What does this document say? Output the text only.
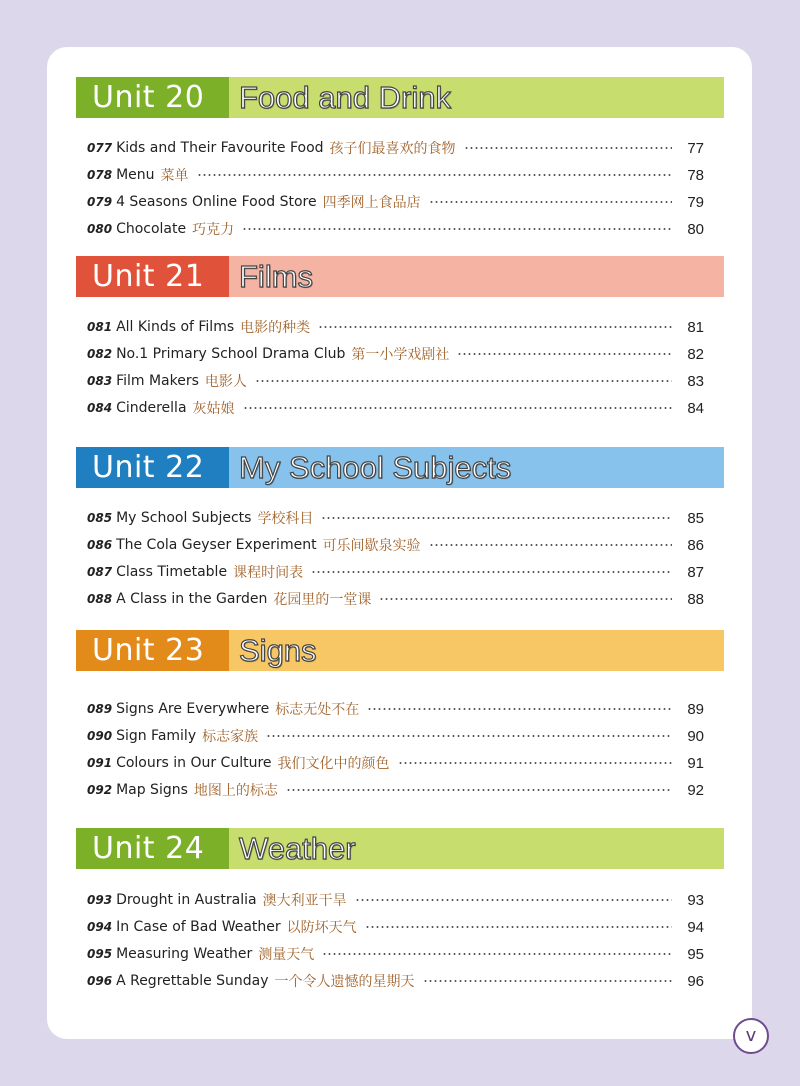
Unit 20	Food and Drink
077 Kids and Their Favourite Food 孩子们最喜欢的食物	77
078 Menu 菜单	78
079 4 Seasons Online Food Store 四季网上食品店	79
080 Chocolate 巧克力	80
Unit 21	Films
081 All Kinds of Films 电影的种类	81
082 No.1 Primary School Drama Club 第一小学戏剧社	82
083 Film Makers 电影人	83
084 Cinderella 灰姑娘	84
Unit 22	My School Subjects
085 My School Subjects 学校科目	85
086 The Cola Geyser Experiment 可乐间歇泉实验	86
087 Class Timetable 课程时间表	87
088 A Class in the Garden 花园里的一堂课	88
Unit 23	Signs
089 Signs Are Everywhere 标志无处不在	89
090 Sign Family 标志家族	90
091 Colours in Our Culture 我们文化中的颜色	91
092 Map Signs 地图上的标志	92
Unit 24	Weather
093 Drought in Australia 澳大利亚干旱	93
094 In Case of Bad Weather 以防坏天气	94
095 Measuring Weather 测量天气	95
096 A Regrettable Sunday 一个令人遗憾的星期天	96
v
